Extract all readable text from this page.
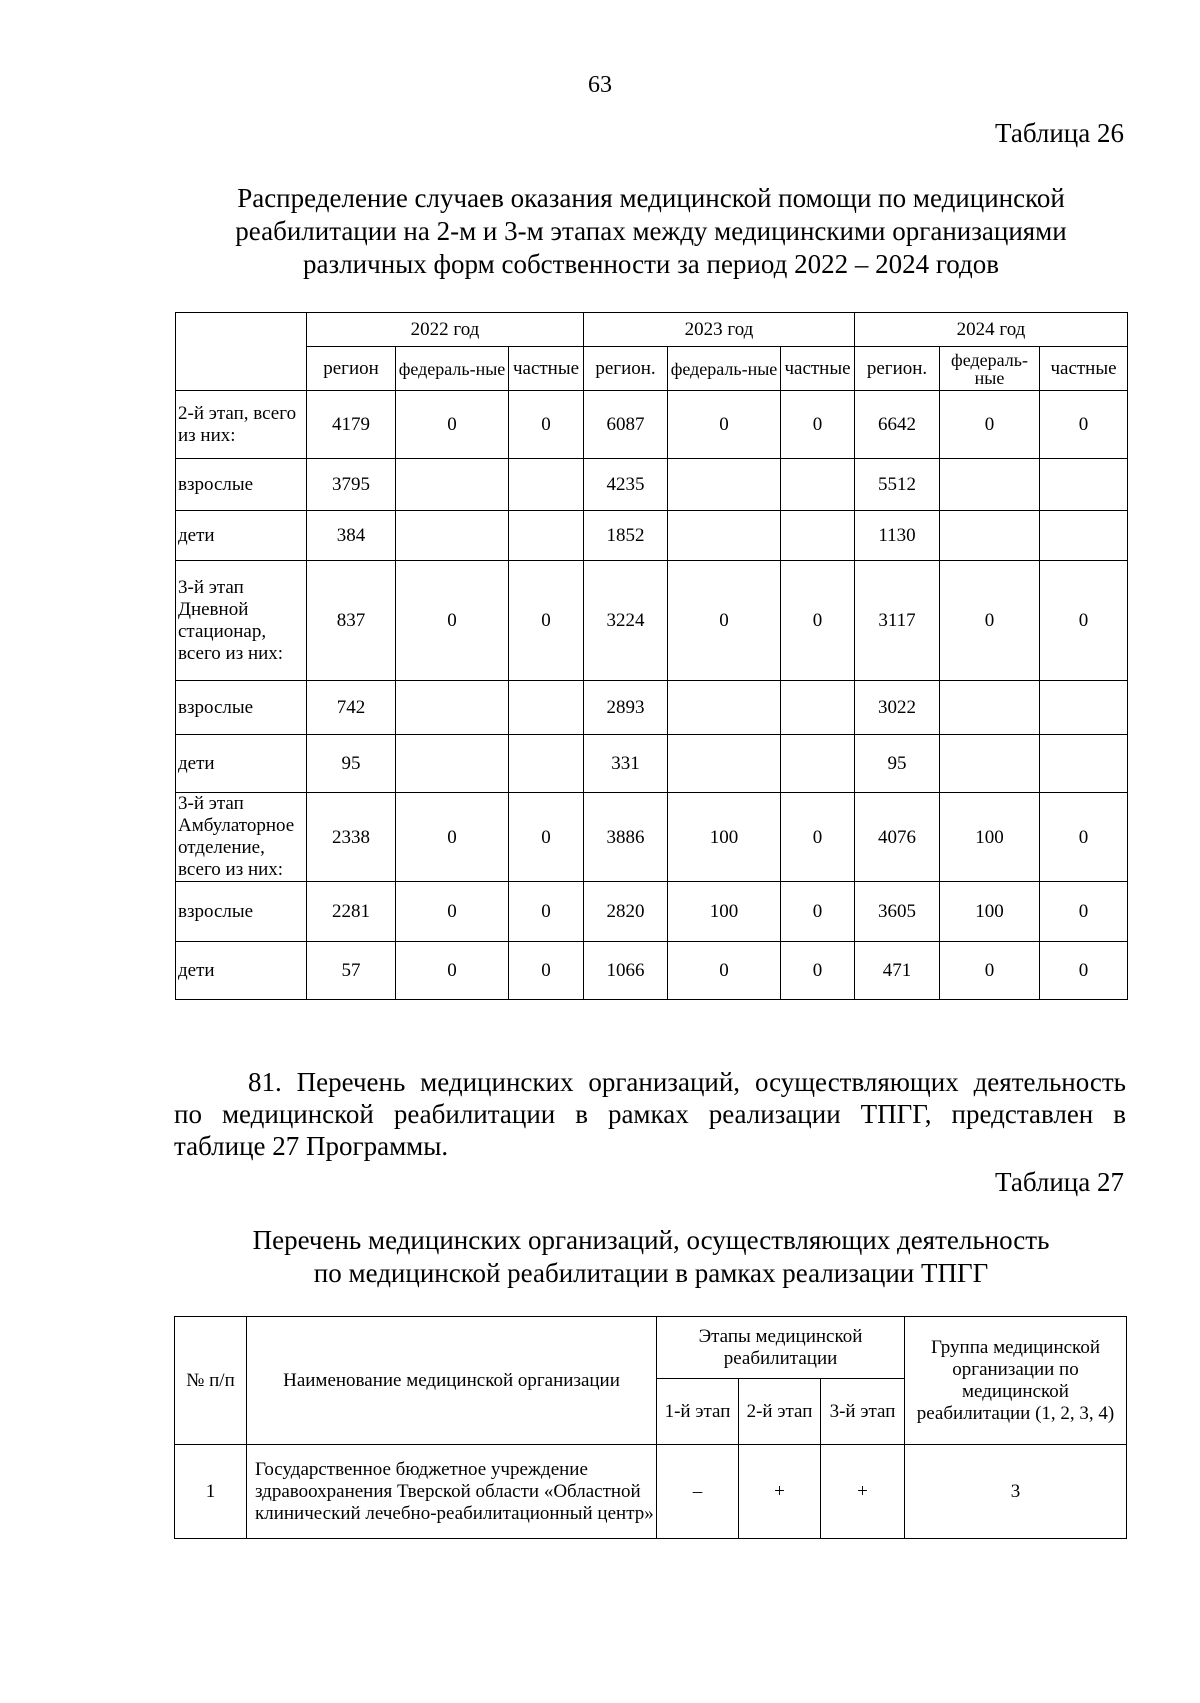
63
Таблица 26
Распределение случаев оказания медицинской помощи по медицинской
реабилитации на 2-м и 3-м этапах между медицинскими организациями
различных форм собственности за период 2022 – 2024 годов
	2022 год			2023 год			2024 год		
	регион	федераль-ные	частные	регион.	федераль-ные	частные	регион.	федераль-ные	частные
2-й этап, всего из них:	4179	0	0	6087	0	0	6642	0	0
взрослые	3795			4235			5512		
дети	384			1852			1130		
3-й этап Дневной стационар, всего из них:	837	0	0	3224	0	0	3117	0	0
взрослые	742			2893			3022		
дети	95			331			95		
3-й этап Амбулаторное отделение, всего из них:	2338	0	0	3886	100	0	4076	100	0
взрослые	2281	0	0	2820	100	0	3605	100	0
дети	57	0	0	1066	0	0	471	0	0
81. Перечень медицинских организаций, осуществляющих деятельность
по медицинской реабилитации в рамках реализации ТПГГ, представлен в
таблице 27 Программы.
Таблица 27
Перечень медицинских организаций, осуществляющих деятельность
по медицинской реабилитации в рамках реализации ТПГГ
№ п/п	Наименование медицинской организации	Этапы медицинской реабилитации			Группа медицинской организации по медицинской реабилитации (1, 2, 3, 4)
		1-й этап	2-й этап	3-й этап	
1	Государственное бюджетное учреждение здравоохранения Тверской области «Областной клинический лечебно-реабилитационный центр»	–	+	+	3
